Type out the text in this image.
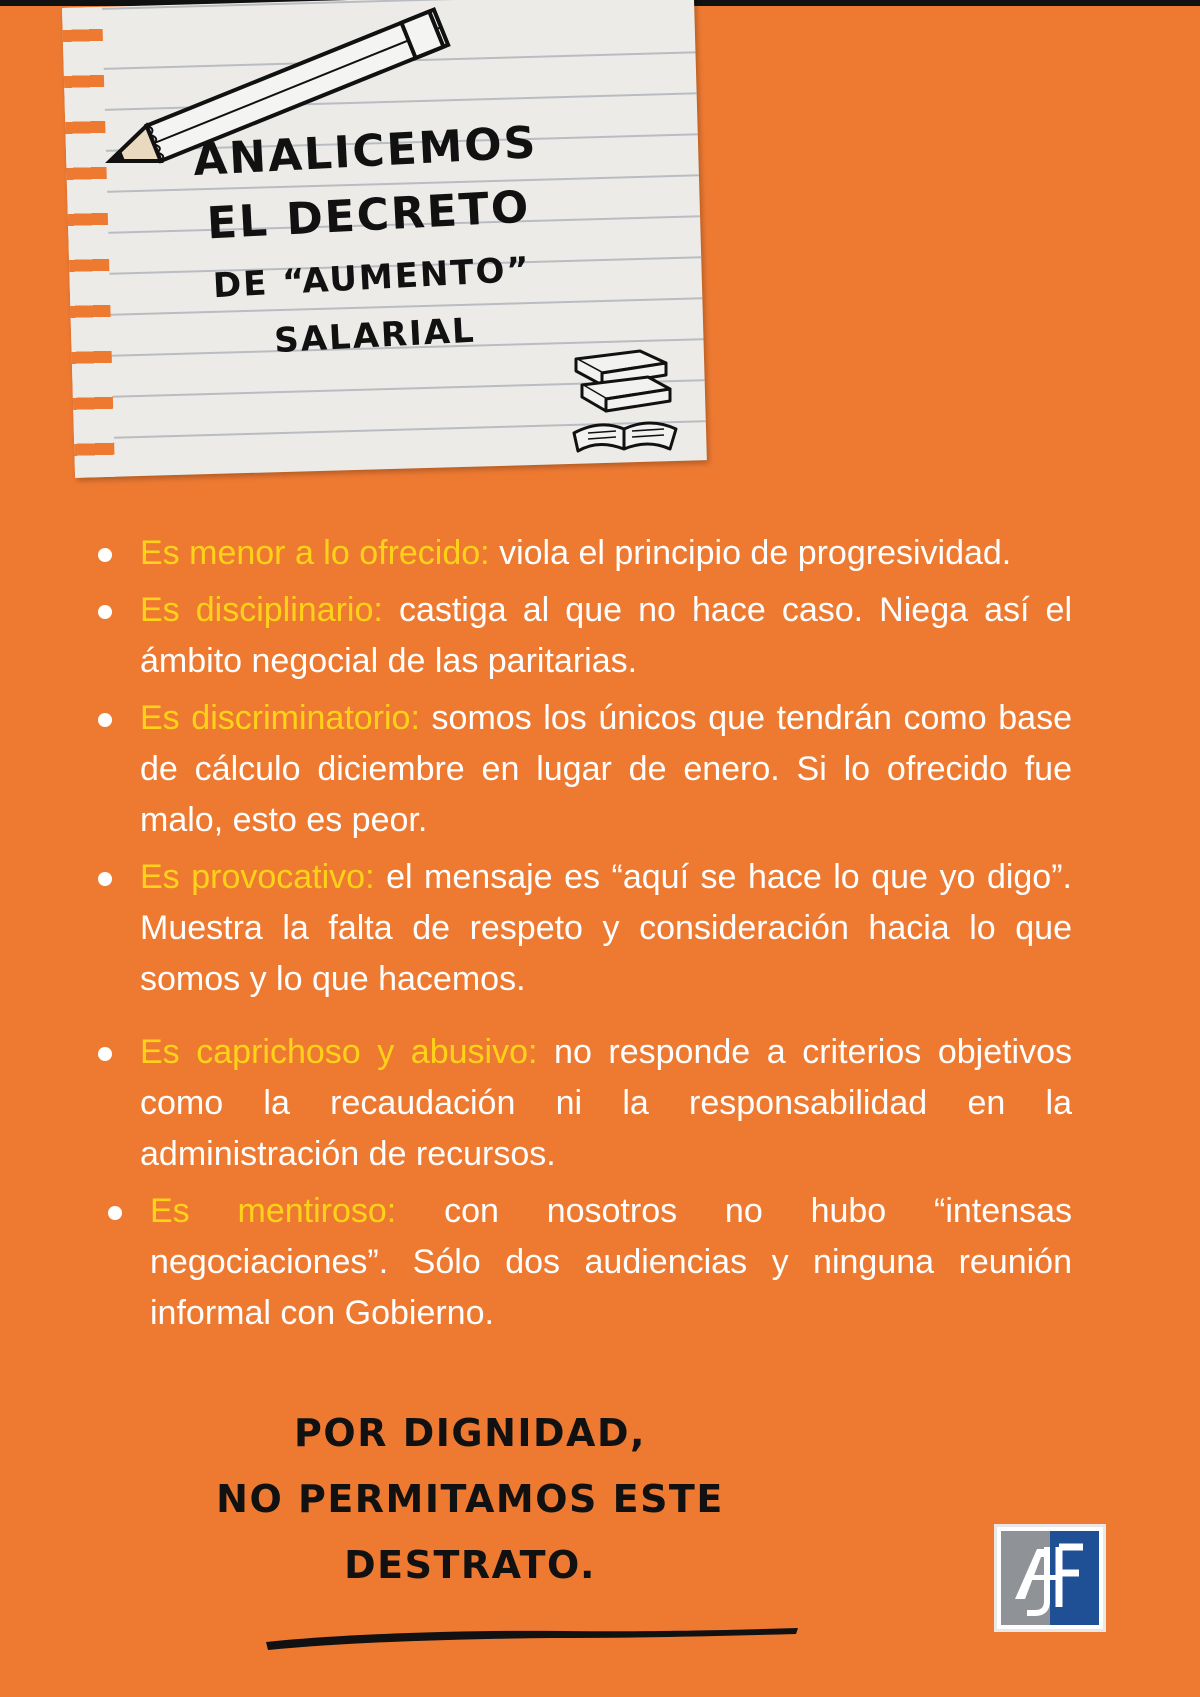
ANALICEMOS
EL DECRETO
DE “AUMENTO”
SALARIAL
Es menor a lo ofrecido: viola el principio de progresividad.
Es disciplinario: castiga al que no hace caso. Niega así el ámbito negocial de las paritarias.
Es discriminatorio: somos los únicos que tendrán como base de cálculo diciembre en lugar de enero. Si lo ofrecido fue malo, esto es peor.
Es provocativo: el mensaje es “aquí se hace lo que yo digo”. Muestra la falta de respeto y consideración hacia lo que somos y lo que hacemos.
Es caprichoso y abusivo: no responde a criterios objetivos como la recaudación ni la responsabilidad en la administración de recursos.
Es mentiroso: con nosotros no hubo “intensas negociaciones”. Sólo dos audiencias y ninguna reunión informal con Gobierno.
POR DIGNIDAD,
NO PERMITAMOS ESTE
DESTRATO.
